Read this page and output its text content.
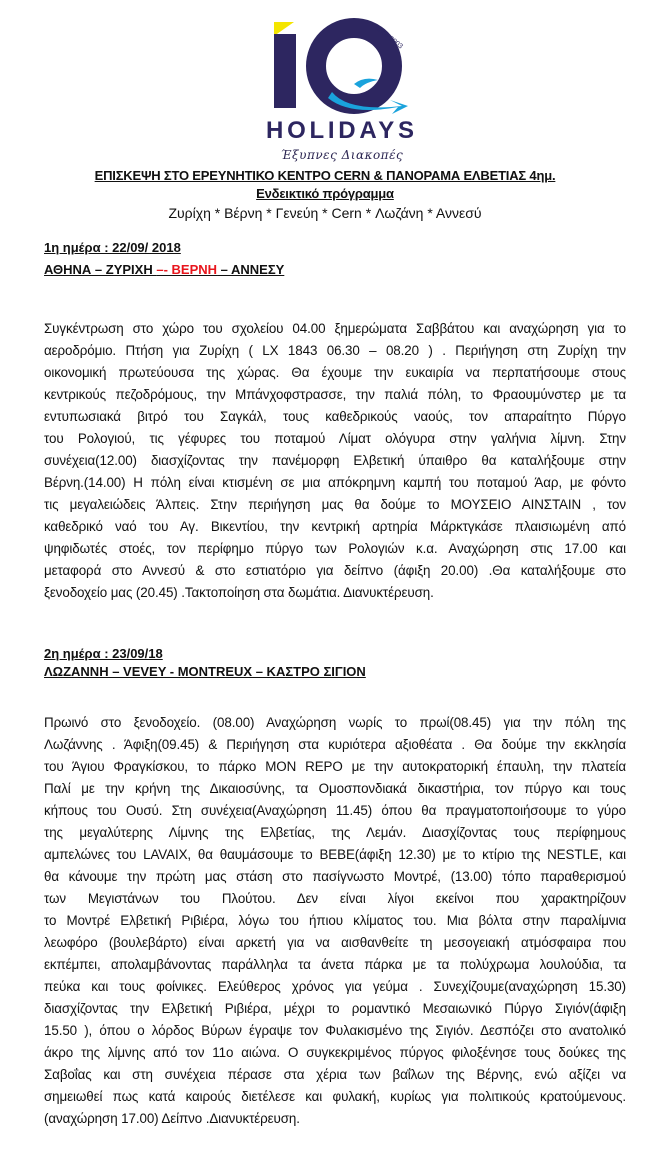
since 2003
HOLIDAYS
Έξυπνες Διακοπές
ΕΠΙΣΚΕΨΗ ΣΤΟ ΕΡΕΥΝΗΤΙΚΟ ΚΕΝΤΡΟ CERN & ΠΑΝΟΡΑΜΑ ΕΛΒΕΤΙΑΣ 4ημ.
Ενδεικτικό πρόγραμμα
Ζυρίχη * Βέρνη * Γενεύη * Cern * Λωζάνη * Αννεσύ
1η ημέρα : 22/09/ 2018
ΑΘΗΝΑ – ΖΥΡΙΧΗ –- ΒΕΡΝΗ – ΑΝΝΕΣΥ
Συγκέντρωση στο χώρο του σχολείου 04.00 ξημερώματα Σαββάτου και αναχώρηση για το
αεροδρόμιο. Πτήση για Ζυρίχη ( LX 1843 06.30 – 08.20 ) . Περιήγηση στη Ζυρίχη την
οικονομική πρωτεύουσα της χώρας. Θα έχουμε την ευκαιρία να περπατήσουμε στους
κεντρικούς πεζοδρόμους, την Μπάνχοφστρασσε, την παλιά πόλη, το Φραουμύνστερ με τα
εντυπωσιακά βιτρό του Σαγκάλ, τους καθεδρικούς ναούς, τον απαραίτητο Πύργο
του Ρολογιού, τις γέφυρες του ποταμού Λίματ ολόγυρα στην γαλήνια λίμνη. Στην
συνέχεια(12.00) διασχίζοντας την πανέμορφη Ελβετική ύπαιθρο θα καταλήξουμε στην
Βέρνη.(14.00) Η πόλη είναι κτισμένη σε μια απόκρημνη καμπή του ποταμού Άαρ, με φόντο
τις μεγαλειώδεις Άλπεις. Στην περιήγηση μας θα δούμε το ΜΟΥΣΕΙΟ ΑΙΝΣΤΑΙΝ , τον
καθεδρικό ναό του Αγ. Βικεντίου, την κεντρική αρτηρία Μάρκτγκάσε πλαισιωμένη από
ψηφιδωτές στοές, τον περίφημο πύργο των Ρολογιών κ.α. Αναχώρηση στις 17.00 και
μεταφορά στο Αννεσύ & στο εστιατόριο για δείπνο (άφιξη 20.00) .Θα καταλήξουμε στο
ξενοδοχείο μας (20.45) .Τακτοποίηση στα δωμάτια. Διανυκτέρευση.
2η ημέρα : 23/09/18
ΛΩΖΑΝΝΗ – VEVEY - MONTREUX – ΚΑΣΤΡΟ ΣΙΓΙΟΝ
Πρωινό στο ξενοδοχείο. (08.00) Αναχώρηση νωρίς το πρωί(08.45) για την πόλη της
Λωζάννης . Άφιξη(09.45) & Περιήγηση στα κυριότερα αξιοθέατα . Θα δούμε την εκκλησία
του Άγιου Φραγκίσκου, το πάρκο MON REPO με την αυτοκρατορική έπαυλη, την πλατεία
Παλί με την κρήνη της Δικαιοσύνης, τα Ομοσπονδιακά δικαστήρια, τον πύργο και τους
κήπους του Ουσύ. Στη συνέχεια(Αναχώρηση 11.45) όπου θα πραγματοποιήσουμε το γύρο
της μεγαλύτερης Λίμνης της Ελβετίας, της Λεμάν. Διασχίζοντας τους περίφημους
αμπελώνες του LAVAIX, θα θαυμάσουμε το BEBE(άφιξη 12.30) με το κτίριο της NESTLE, και
θα κάνουμε την πρώτη μας στάση στο πασίγνωστο Μοντρέ, (13.00) τόπο παραθερισμού
των Μεγιστάνων του Πλούτου. Δεν είναι λίγοι εκείνοι που χαρακτηρίζουν
το Μοντρέ Ελβετική Ριβιέρα, λόγω του ήπιου κλίματος του. Μια βόλτα στην παραλίμνια
λεωφόρο (βουλεβάρτο) είναι αρκετή για να αισθανθείτε τη μεσογειακή ατμόσφαιρα που
εκπέμπει, απολαμβάνοντας παράλληλα τα άνετα πάρκα με τα πολύχρωμα λουλούδια, τα
πεύκα και τους φοίνικες. Ελεύθερος χρόνος για γεύμα . Συνεχίζουμε(αναχώρηση 15.30)
διασχίζοντας την Ελβετική Ριβιέρα, μέχρι το ρομαντικό Μεσαιωνικό Πύργο Σιγιόν(άφιξη
15.50 ), όπου ο λόρδος Βύρων έγραψε τον Φυλακισμένο της Σιγιόν. Δεσπόζει στο ανατολικό
άκρο της λίμνης από τον 11ο αιώνα. Ο συγκεκριμένος πύργος φιλοξένησε τους δούκες της
Σαβοΐας και στη συνέχεια πέρασε στα χέρια των βαΐλων της Βέρνης, ενώ αξίζει να
σημειωθεί πως κατά καιρούς διετέλεσε και φυλακή, κυρίως για πολιτικούς κρατούμενους.
(αναχώρηση 17.00) Δείπνο .Διανυκτέρευση.
